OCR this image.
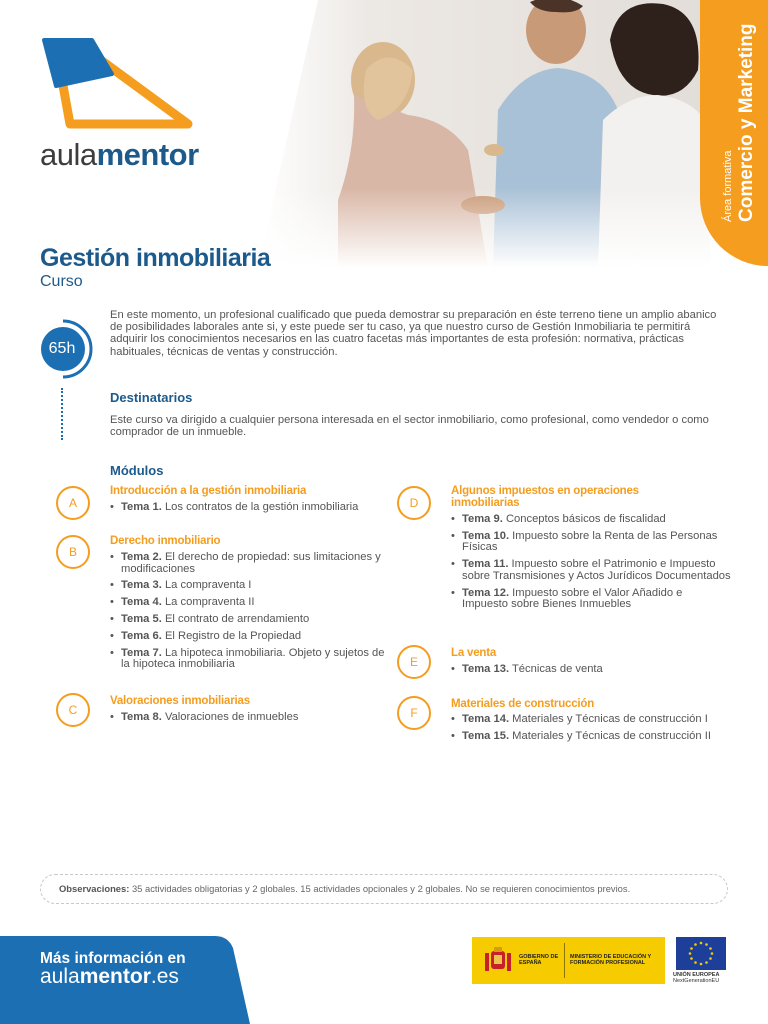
aulamentor	Área formativa Comercio y Marketing
Gestión inmobiliaria
Curso
65h
En este momento, un profesional cualificado que pueda demostrar su preparación en éste terreno tiene un amplio abanico de posibilidades laborales ante si, y este puede ser tu caso, ya que nuestro curso de Gestión Inmobiliaria te permitirá adquirir los conocimientos necesarios en las cuatro facetas más importantes de esta profesión: normativa, prácticas habituales, técnicas de ventas y construcción.
Destinatarios
Este curso va dirigido a cualquier persona interesada en el sector inmobiliario, como profesional, como vendedor o como comprador de un inmueble.
Módulos
A
Introducción a la gestión inmobiliaria
• Tema 1. Los contratos de la gestión inmobiliaria
B
Derecho inmobiliario
• Tema 2. El derecho de propiedad: sus limitaciones y modificaciones
• Tema 3. La compraventa I
• Tema 4. La compraventa II
• Tema 5. El contrato de arrendamiento
• Tema 6. El Registro de la Propiedad
• Tema 7. La hipoteca inmobiliaria. Objeto y sujetos de la hipoteca inmobiliaria
C
Valoraciones inmobiliarias
• Tema 8. Valoraciones de inmuebles
D
Algunos impuestos en operaciones inmobiliarias
• Tema 9. Conceptos básicos de fiscalidad
• Tema 10. Impuesto sobre la Renta de las Personas Físicas
• Tema 11. Impuesto sobre el Patrimonio e Impuesto sobre Transmisiones y Actos Jurídicos Documentados
• Tema 12. Impuesto sobre el Valor Añadido e Impuesto sobre Bienes Inmuebles
E
La venta
• Tema 13. Técnicas de venta
F
Materiales de construcción
• Tema 14. Materiales y Técnicas de construcción I
• Tema 15. Materiales y Técnicas de construcción II
Observaciones: 35 actividades obligatorias y 2 globales. 15 actividades opcionales y 2 globales. No se requieren conocimientos previos.
Más información en
aulamentor.es
GOBIERNO DE ESPAÑA
MINISTERIO DE EDUCACIÓN Y FORMACIÓN PROFESIONAL
UNIÓN EUROPEA
NextGenerationEU
